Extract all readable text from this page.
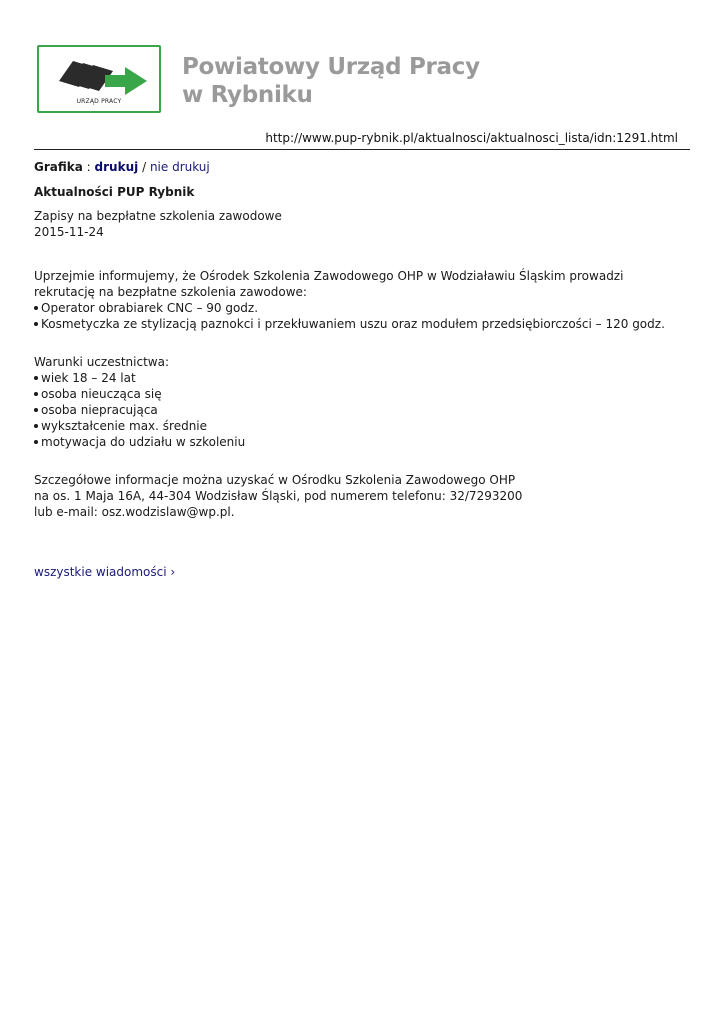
URZĄD PRACY
Powiatowy Urząd Pracy
w Rybniku
http://www.pup-rybnik.pl/aktualnosci/aktualnosci_lista/idn:1291.html
Grafika : drukuj / nie drukuj
Aktualności PUP Rybnik
Zapisy na bezpłatne szkolenia zawodowe
2015-11-24
Uprzejmie informujemy, że Ośrodek Szkolenia Zawodowego OHP w Wodziaławiu Śląskim prowadzi rekrutację na bezpłatne szkolenia zawodowe:
Operator obrabiarek CNC – 90 godz.
Kosmetyczka ze stylizacją paznokci i przekłuwaniem uszu oraz modułem przedsiębiorczości – 120 godz.
Warunki uczestnictwa:
wiek 18 – 24 lat
osoba nieucząca się
osoba niepracująca
wykształcenie max. średnie
motywacja do udziału w szkoleniu
Szczegółowe informacje można uzyskać w Ośrodku Szkolenia Zawodowego OHP
na os. 1 Maja 16A, 44-304 Wodzisław Śląski, pod numerem telefonu: 32/7293200
lub e-mail: osz.wodzislaw@wp.pl.
wszystkie wiadomości ›
